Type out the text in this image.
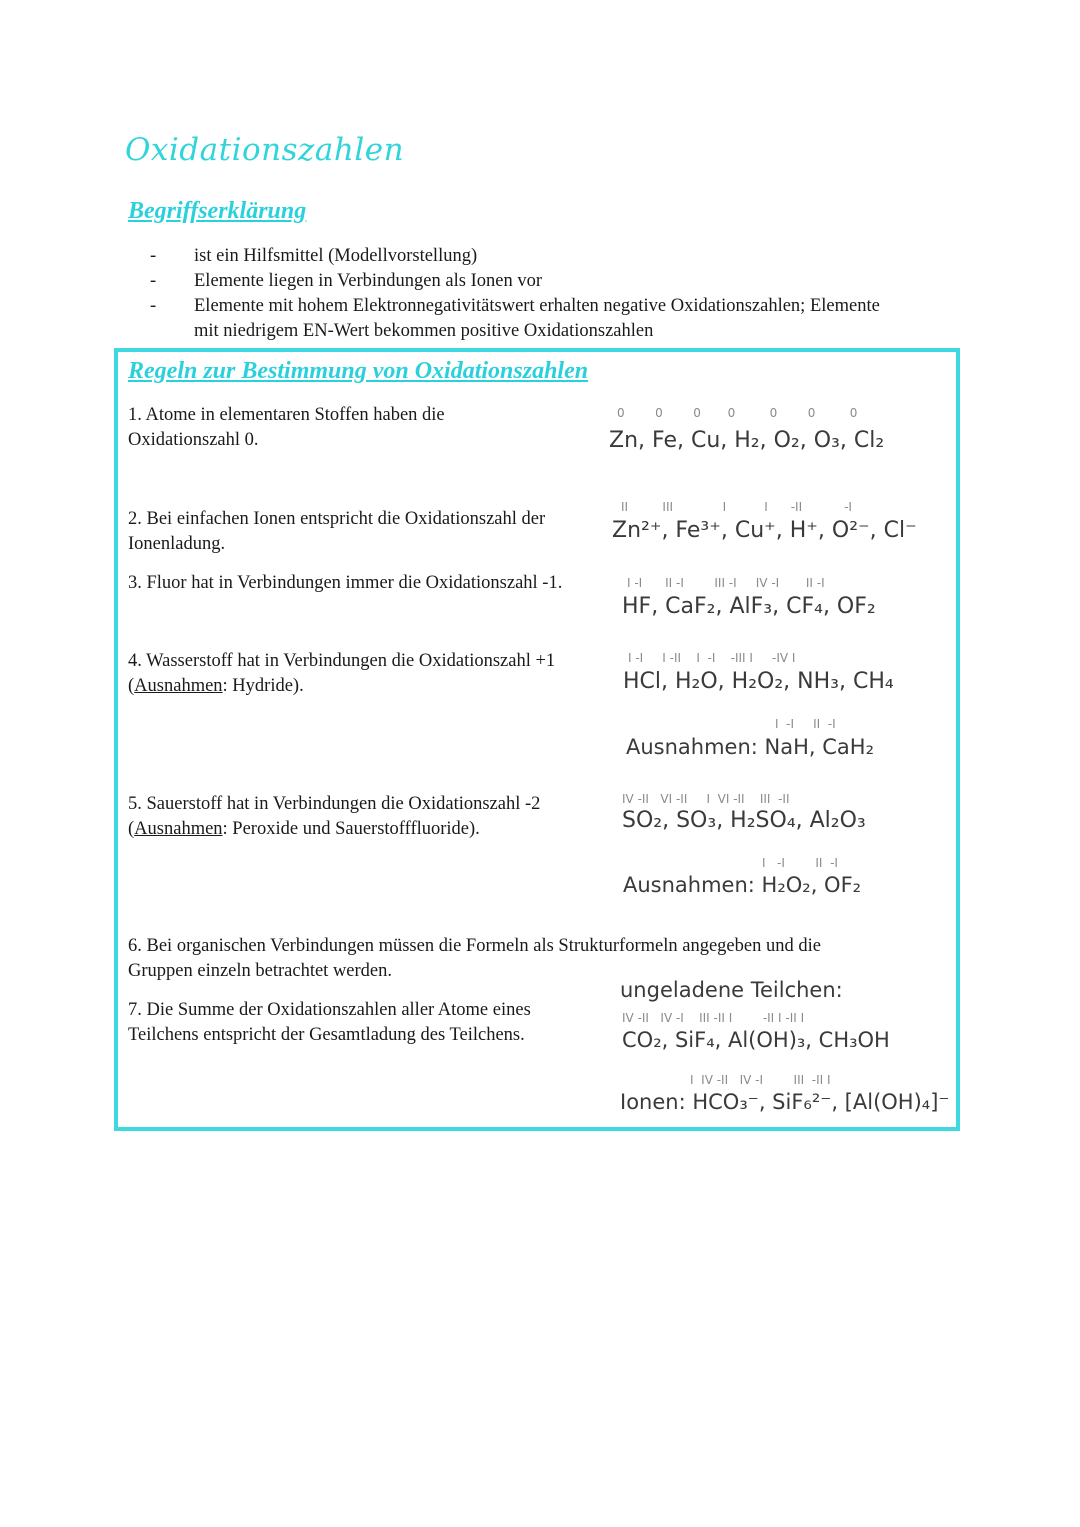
Oxidationszahlen
Begriffserklärung
-	ist ein Hilfsmittel (Modellvorstellung)
-	Elemente liegen in Verbindungen als Ionen vor
-	Elemente mit hohem Elektronnegativitätswert erhalten negative Oxidationszahlen; Elemente
mit niedrigem EN-Wert bekommen positive Oxidationszahlen
Regeln zur Bestimmung von Oxidationszahlen
1. Atome in elementaren Stoffen haben die
Oxidationszahl 0.
0        0        0       0         0        0         0
Zn, Fe, Cu, H₂, O₂, O₃, Cl₂
2. Bei einfachen Ionen entspricht die Oxidationszahl der
Ionenladung.
II         III             I          I      -II           -I
Zn²⁺, Fe³⁺, Cu⁺, H⁺, O²⁻, Cl⁻
3. Fluor hat in Verbindungen immer die Oxidationszahl -1.	I -I      II -I        III -I     IV -I       II -I
HF, CaF₂, AlF₃, CF₄, OF₂
4. Wasserstoff hat in Verbindungen die Oxidationszahl +1
(Ausnahmen: Hydride).
I -I     I -II    I  -I    -III I     -IV I
HCl, H₂O, H₂O₂, NH₃, CH₄
I  -I     II  -I
Ausnahmen: NaH, CaH₂
5. Sauerstoff hat in Verbindungen die Oxidationszahl -2
(Ausnahmen: Peroxide und Sauerstofffluoride).
IV -II   VI -II     I  VI -II    III  -II
SO₂, SO₃, H₂SO₄, Al₂O₃
I   -I        II  -I
Ausnahmen: H₂O₂, OF₂
6. Bei organischen Verbindungen müssen die Formeln als Strukturformeln angegeben und die
Gruppen einzeln betrachtet werden.
7. Die Summe der Oxidationszahlen aller Atome eines
Teilchens entspricht der Gesamtladung des Teilchens.
ungeladene Teilchen:
IV -II   IV -I    III -II I        -II I -II I
CO₂, SiF₄, Al(OH)₃, CH₃OH
I  IV -II   IV -I        III  -II I
Ionen: HCO₃⁻, SiF₆²⁻, [Al(OH)₄]⁻
